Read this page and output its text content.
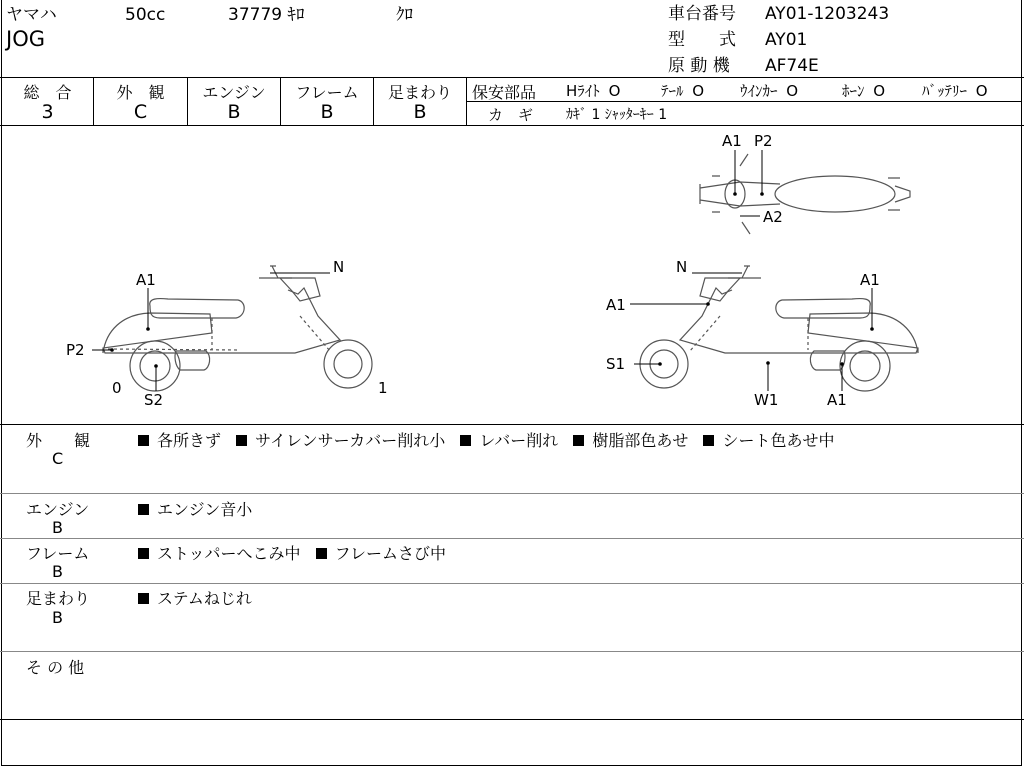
ヤマハ	50cc	37779 ｷﾛ	ｸﾛ
JOG
車台番号 AY01-1203243
型　　式 AY01
原 動 機 AF74E
総　合
3
外　観
C
エンジン
B
フレーム
B
足まわり
B
保安部品 Hﾗｲﾄ O	ﾃｰﾙ O ｳｲﾝｶｰ O	ﾎｰﾝ O ﾊﾞｯﾃﾘｰ O
カ　ギ ｶｷﾞ 1 ｼｬｯﾀｰｷｰ 1
A1
P2
N
S2
0	1
N
A1
A1
S1
W1	A1
A1 P2
A2
外　　観
C
各所きず サイレンサーカバー削れ小 レバー削れ 樹脂部色あせ シート色あせ中
エンジン
B
エンジン音小
フレーム
B
ストッパーへこみ中 フレームさび中
足まわり
B
ステムねじれ
そ の 他
